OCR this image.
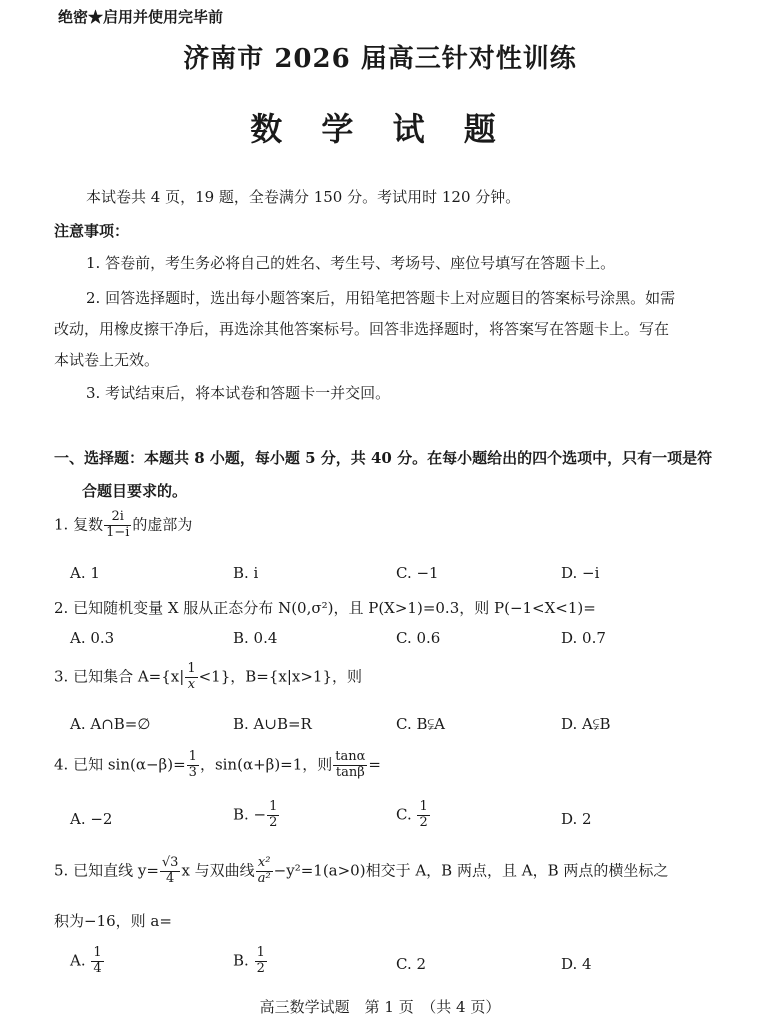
绝密★启用并使用完毕前
济南市 2026 届高三针对性训练
数 学 试 题
本试卷共 4 页，19 题，全卷满分 150 分。考试用时 120 分钟。
注意事项：
1. 答卷前，考生务必将自己的姓名、考生号、考场号、座位号填写在答题卡上。
2. 回答选择题时，选出每小题答案后，用铅笔把答题卡上对应题目的答案标号涂黑。如需
改动，用橡皮擦干净后，再选涂其他答案标号。回答非选择题时，将答案写在答题卡上。写在
本试卷上无效。
3. 考试结束后，将本试卷和答题卡一并交回。
一、选择题：本题共 8 小题，每小题 5 分，共 40 分。在每小题给出的四个选项中，只有一项是符
合题目要求的。
1. 复数 $\frac{2i}{1-i}$ 的虚部为
A. 1	B. i	C. −1	D. −i
2. 已知随机变量 X 服从正态分布 N(0,σ²)，且 P(X>1)=0.3，则 P(−1<X<1)=
A. 0.3	B. 0.4	C. 0.6	D. 0.7
3. 已知集合 $A=\{x| \frac{1}{x} <1\}$，B={x|x>1}，则
A. A∩B=∅	B. A∪B=R	C. B⫋A	D. A⫋B
4. 已知 $\sin(\alpha-\beta)= \frac{1}{3}$ ，sin(α+β)=1，则 $\frac{\tan\alpha}{\tan\beta}$ =
A. −2	B. − $\frac{1}{2}$	C. $\frac{1}{2}$	D. 2
5. 已知直线 $y= \frac{√3}{4}$ x 与双曲线 $\frac{\text{x²}}{\text{a²}} -y^2=1(a>0)$相交于 A，B 两点，且 A，B 两点的横坐标之
积为−16，则 a=
A. $\frac{1}{4}$	B. $\frac{1}{2}$	C. 2	D. 4
高三数学试题　第 1 页　（共 4 页）
